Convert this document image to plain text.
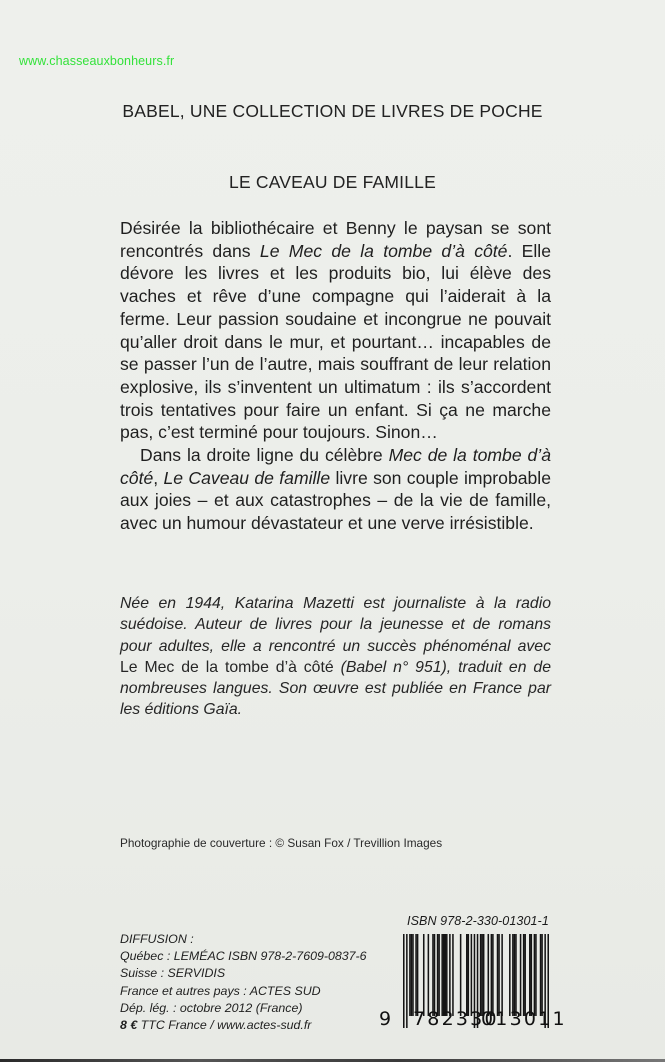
www.chasseauxbonheurs.fr
BABEL, UNE COLLECTION DE LIVRES DE POCHE
LE CAVEAU DE FAMILLE

Désirée la bibliothécaire et Benny le paysan se sont rencontrés dans Le Mec de la tombe d’à côté. Elle dévore les livres et les produits bio, lui élève des vaches et rêve d’une compagne qui l’aiderait à la ferme. Leur passion soudaine et incongrue ne pouvait qu’aller droit dans le mur, et pourtant… incapables de se passer l’un de l’autre, mais souffrant de leur relation explosive, ils s’inventent un ultimatum : ils s’accordent trois tentatives pour faire un enfant. Si ça ne marche pas, c’est terminé pour toujours. Sinon…

Dans la droite ligne du célèbre Mec de la tombe d’à côté, Le Caveau de famille livre son couple improbable aux joies – et aux catastrophes – de la vie de famille, avec un humour dévastateur et une verve irrésistible.

Née en 1944, Katarina Mazetti est journaliste à la radio suédoise. Auteur de livres pour la jeunesse et de romans pour adultes, elle a rencontré un succès phénoménal avec Le Mec de la tombe d’à côté (Babel n° 951), traduit en de nombreuses langues. Son œuvre est publiée en France par les éditions Gaïa.
Photographie de couverture : © Susan Fox / Trevillion Images
ISBN 978-2-330-01301-1
DIFFUSION :
Québec : LEMÉAC ISBN 978-2-7609-0837-6
Suisse : SERVIDIS
France et autres pays : ACTES SUD
Dép. lég. : octobre 2012 (France)
8 € TTC France / www.actes-sud.fr	9 782330
013011
